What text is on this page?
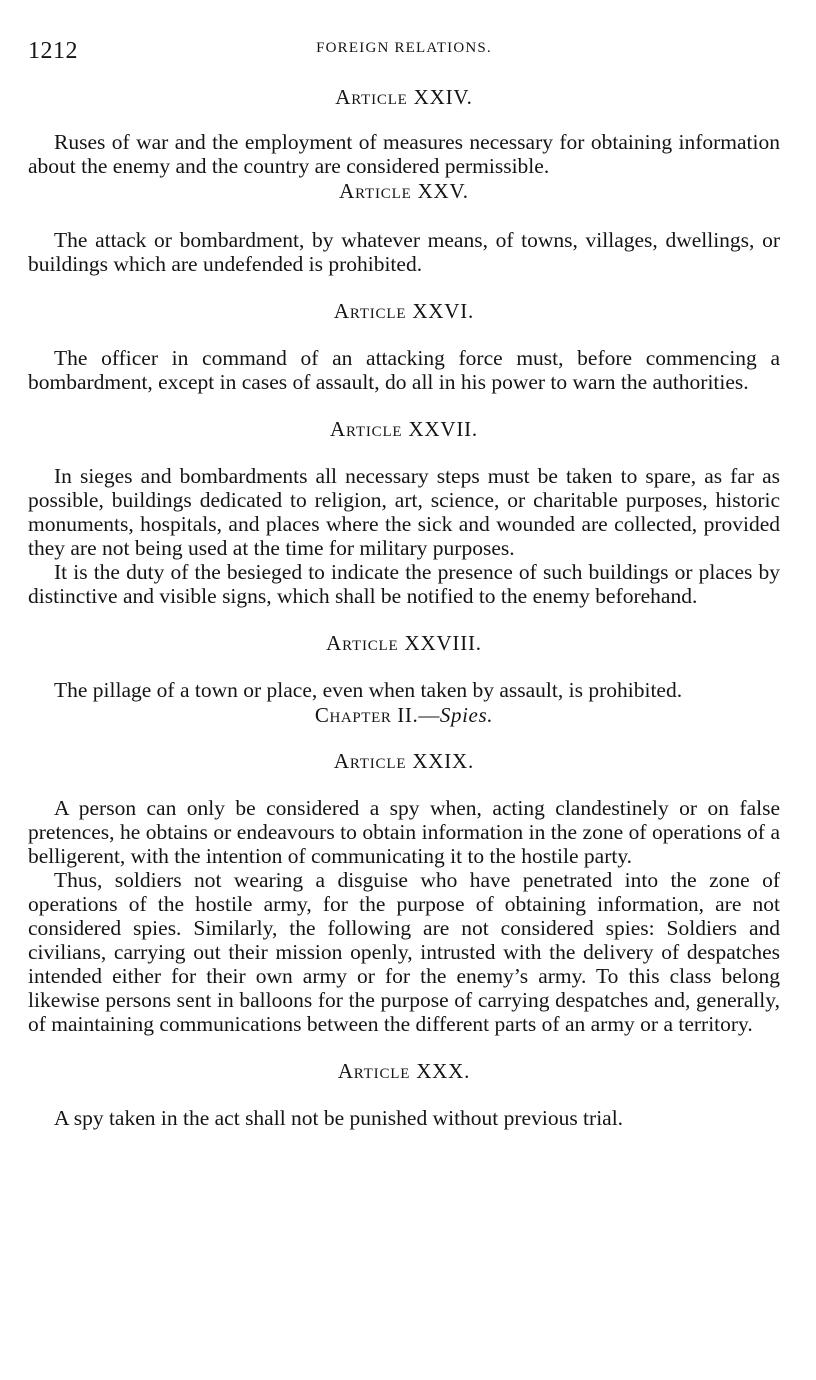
1212	FOREIGN RELATIONS.
Article XXIV.

Ruses of war and the employment of measures necessary for obtaining information about the enemy and the country are considered permissible.

Article XXV.

The attack or bombardment, by whatever means, of towns, villages, dwellings, or buildings which are undefended is prohibited.

Article XXVI.

The officer in command of an attacking force must, before commencing a bombardment, except in cases of assault, do all in his power to warn the authorities.

Article XXVII.

In sieges and bombardments all necessary steps must be taken to spare, as far as possible, buildings dedicated to religion, art, science, or charitable purposes, historic monuments, hospitals, and places where the sick and wounded are collected, provided they are not being used at the time for military purposes.

It is the duty of the besieged to indicate the presence of such buildings or places by distinctive and visible signs, which shall be notified to the enemy beforehand.

Article XXVIII.

The pillage of a town or place, even when taken by assault, is prohibited.

Chapter II.—Spies.
Article XXIX.

A person can only be considered a spy when, acting clandestinely or on false pretences, he obtains or endeavours to obtain information in the zone of operations of a belligerent, with the intention of communicating it to the hostile party.

Thus, soldiers not wearing a disguise who have penetrated into the zone of operations of the hostile army, for the purpose of obtaining information, are not considered spies. Similarly, the following are not considered spies: Soldiers and civilians, carrying out their mission openly, intrusted with the delivery of despatches intended either for their own army or for the enemy’s army. To this class belong likewise persons sent in balloons for the purpose of carrying despatches and, generally, of maintaining communications between the different parts of an army or a territory.

Article XXX.

A spy taken in the act shall not be punished without previous trial.
